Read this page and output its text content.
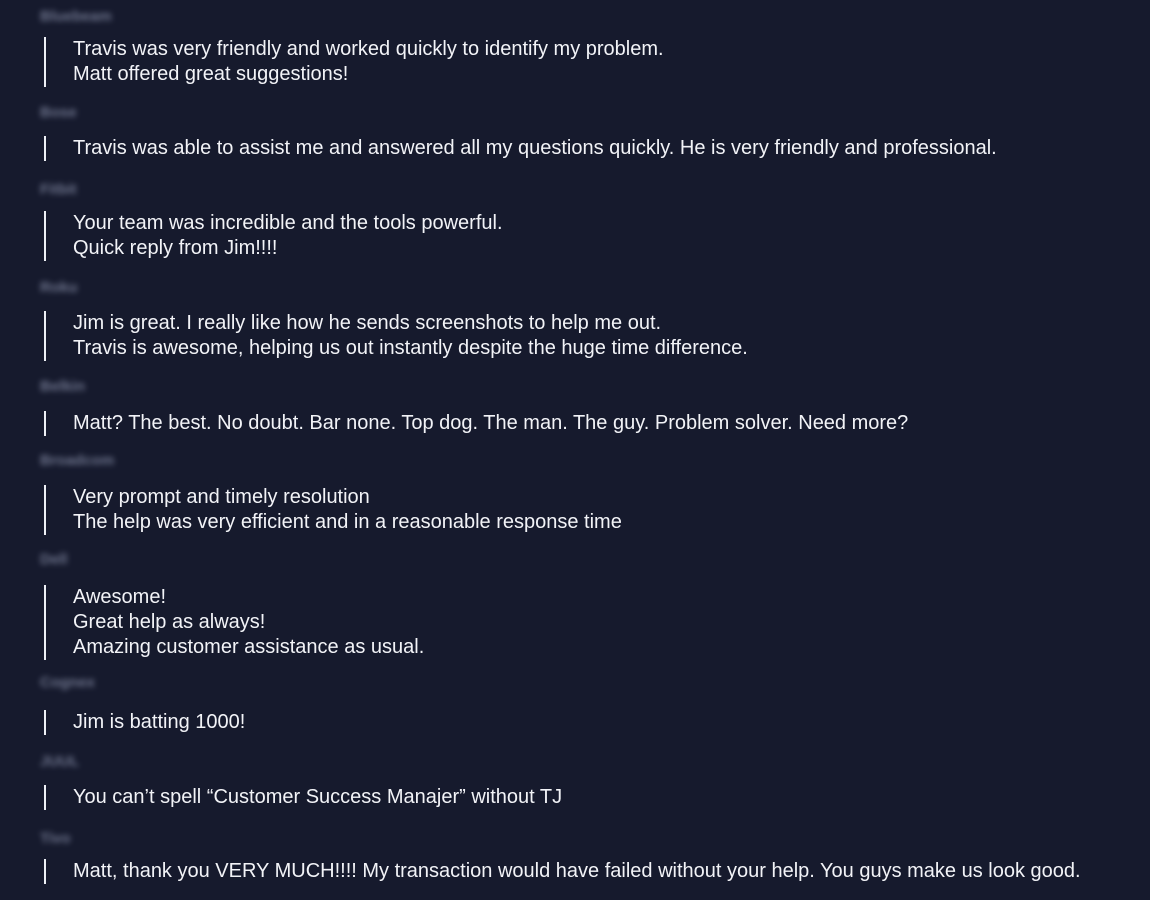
Bluebeam
Travis was very friendly and worked quickly to identify my problem.
Matt offered great suggestions!
Bose
Travis was able to assist me and answered all my questions quickly. He is very friendly and professional.
Fitbit
Your team was incredible and the tools powerful.
Quick reply from Jim!!!!
Roku
Jim is great. I really like how he sends screenshots to help me out.
Travis is awesome, helping us out instantly despite the huge time difference.
Belkin
Matt? The best. No doubt. Bar none. Top dog. The man. The guy. Problem solver. Need more?
Broadcom
Very prompt and timely resolution
The help was very efficient and in a reasonable response time
Dell
Awesome!
Great help as always!
Amazing customer assistance as usual.
Cognex
Jim is batting 1000!
JUUL
You can’t spell “Customer Success Manajer” without TJ
Tivo
Matt, thank you VERY MUCH!!!! My transaction would have failed without your help. You guys make us look good.
